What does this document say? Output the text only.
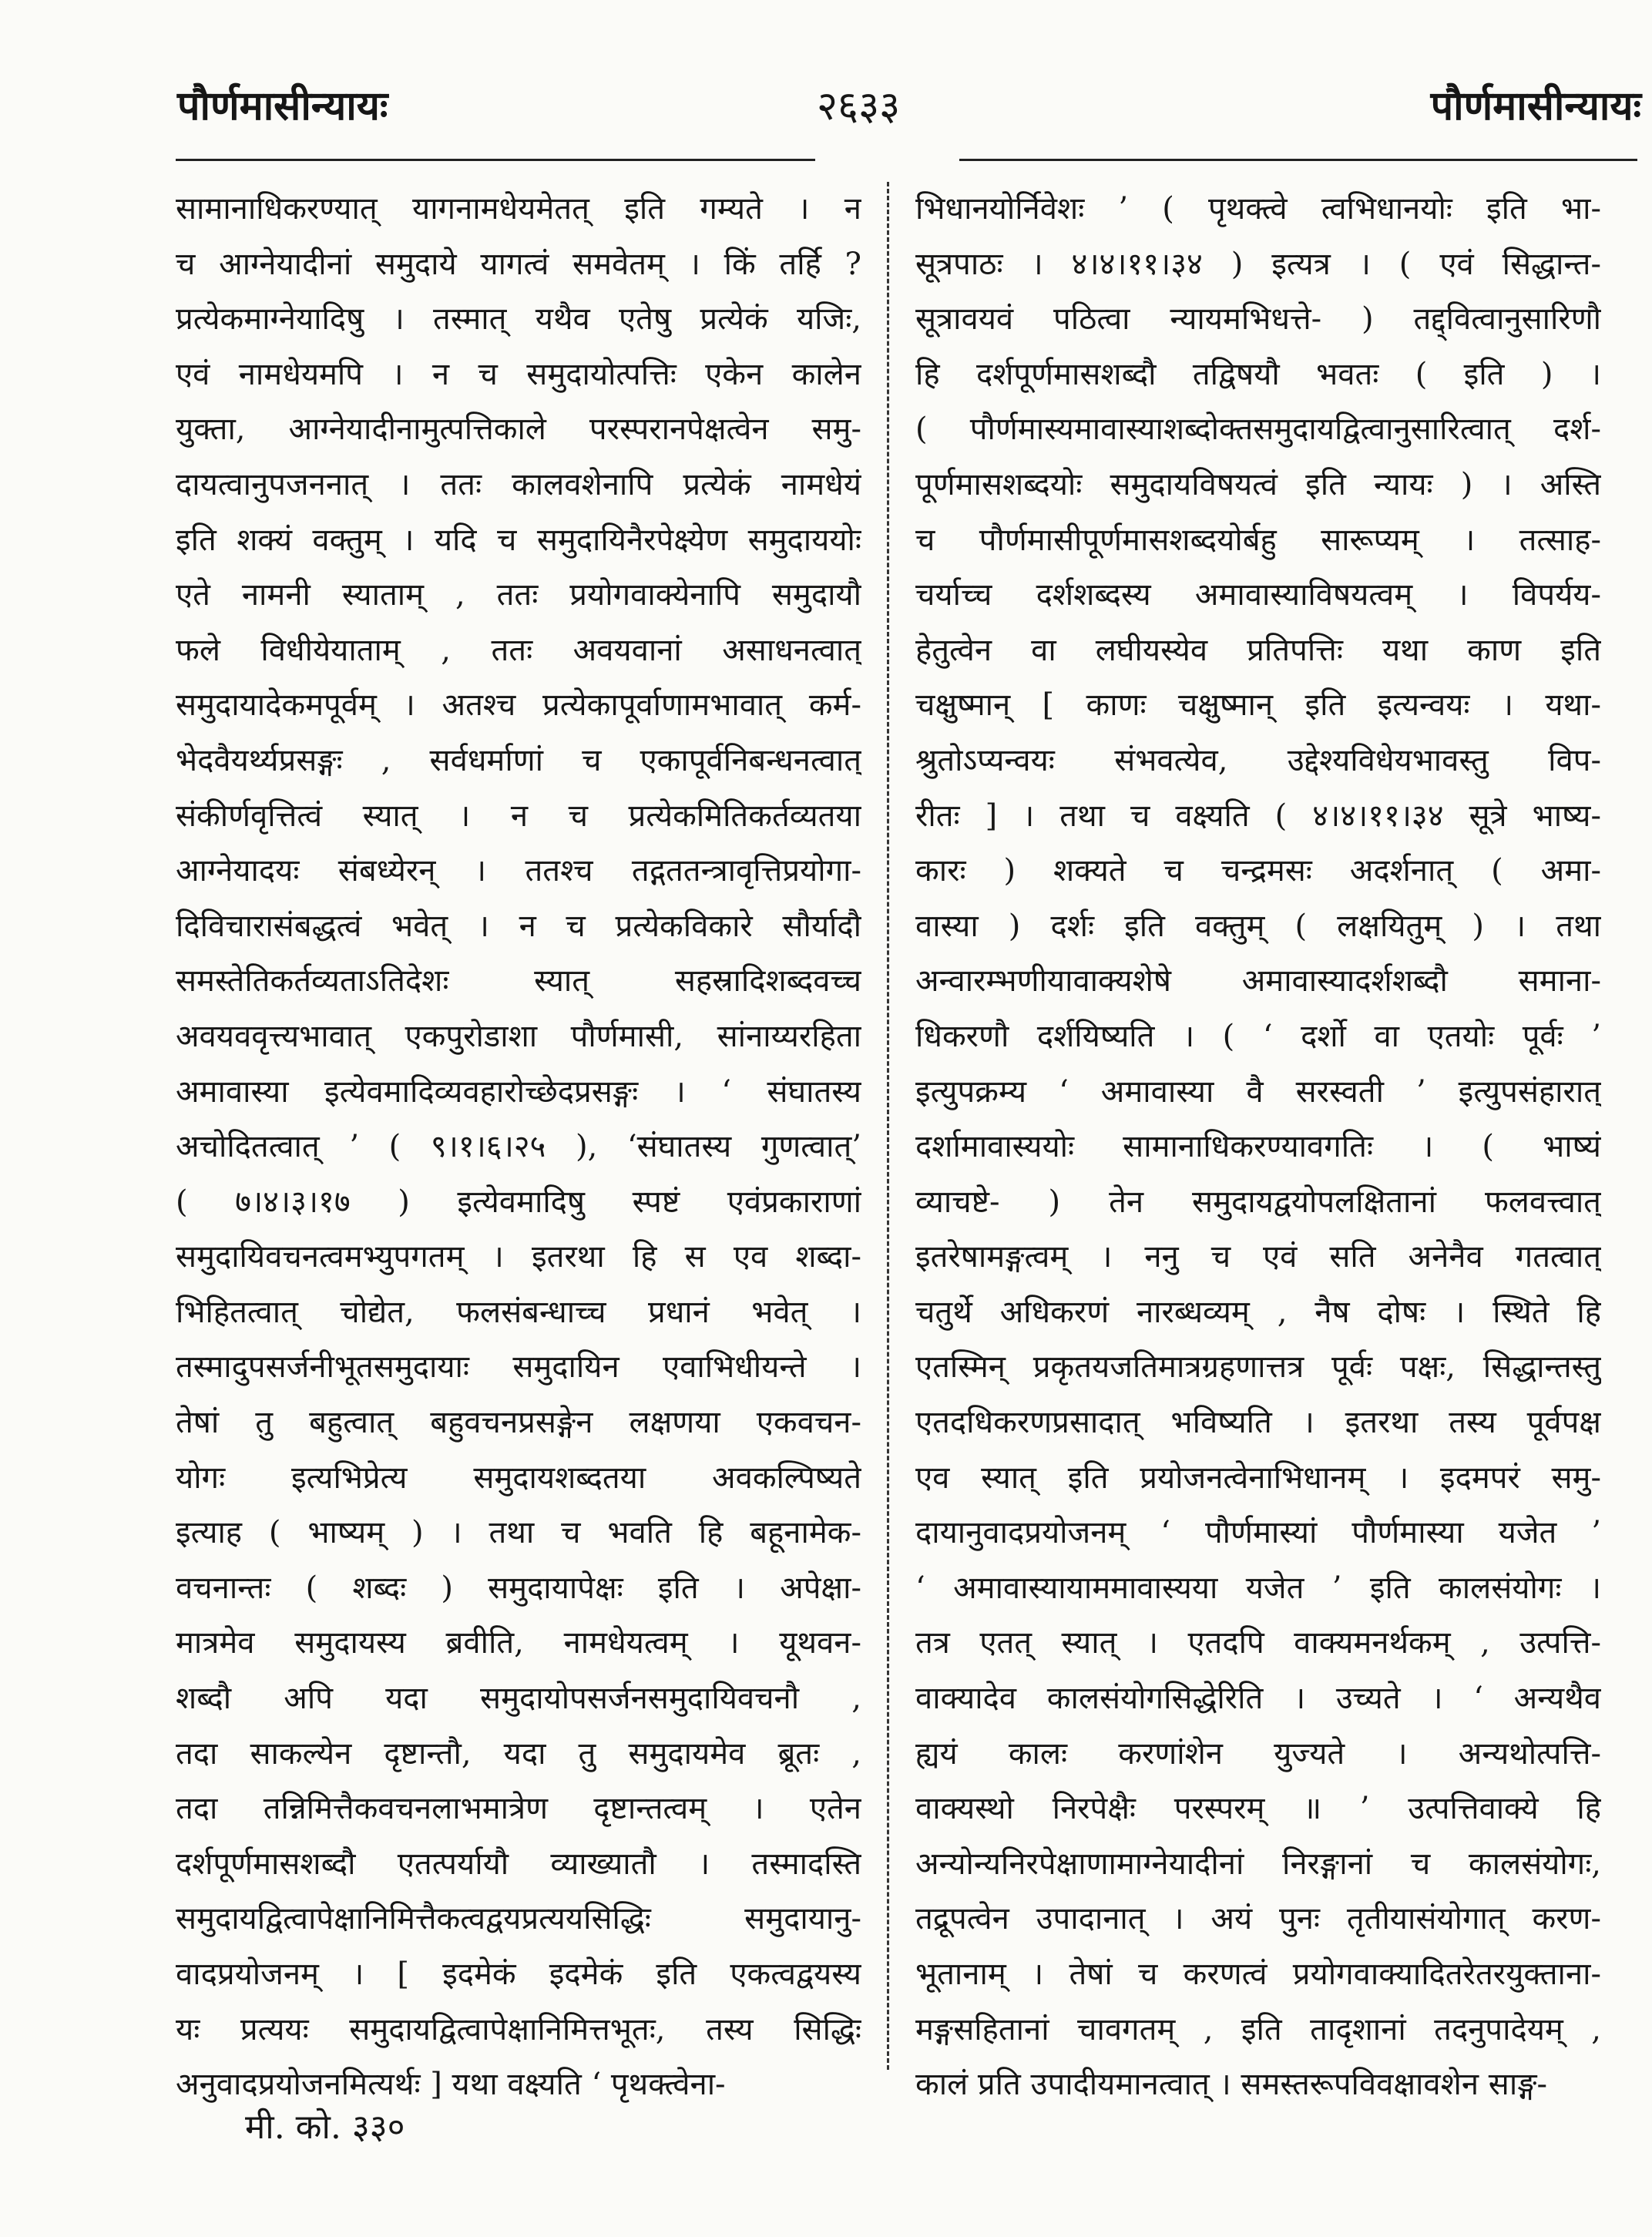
पौर्णमासीन्यायः	२६३३	पौर्णमासीन्यायः
सामानाधिकरण्यात् यागनामधेयमेतत् इति गम्यते । न
च आग्नेयादीनां समुदाये यागत्वं समवेतम् । किं तर्हि ?
प्रत्येकमाग्नेयादिषु । तस्मात् यथैव एतेषु प्रत्येकं यजिः,
एवं नामधेयमपि । न च समुदायोत्पत्तिः एकेन कालेन
युक्ता, आग्नेयादीनामुत्पत्तिकाले परस्परानपेक्षत्वेन समु-
दायत्वानुपजननात् । ततः कालवशेनापि प्रत्येकं नामधेयं
इति शक्यं वक्तुम् । यदि च समुदायिनैरपेक्ष्येण समुदाययोः
एते नामनी स्याताम् , ततः प्रयोगवाक्येनापि समुदायौ
फले विधीयेयाताम् , ततः अवयवानां असाधनत्वात्
समुदायादेकमपूर्वम् । अतश्च प्रत्येकापूर्वाणामभावात् कर्म-
भेदवैयर्थ्यप्रसङ्गः , सर्वधर्माणां च एकापूर्वनिबन्धनत्वात्
संकीर्णवृत्तित्वं स्यात् । न च प्रत्येकमितिकर्तव्यतया
आग्नेयादयः संबध्येरन् । ततश्च तद्गततन्त्रावृत्तिप्रयोगा-
दिविचारासंबद्धत्वं भवेत् । न च प्रत्येकविकारे सौर्यादौ
समस्तेतिकर्तव्यताऽतिदेशः स्यात् सहस्रादिशब्दवच्च
अवयववृत्त्यभावात् एकपुरोडाशा पौर्णमासी, सांनाय्यरहिता
अमावास्या इत्येवमादिव्यवहारोच्छेदप्रसङ्गः । ‘ संघातस्य
अचोदितत्वात् ’ ( ९।१।६।२५ ), ‘संघातस्य गुणत्वात्’
( ७।४।३।१७ ) इत्येवमादिषु स्पष्टं एवंप्रकाराणां
समुदायिवचनत्वमभ्युपगतम् । इतरथा हि स एव शब्दा-
भिहितत्वात् चोद्येत, फलसंबन्धाच्च प्रधानं भवेत् ।
तस्मादुपसर्जनीभूतसमुदायाः समुदायिन एवाभिधीयन्ते ।
तेषां तु बहुत्वात् बहुवचनप्रसङ्गेन लक्षणया एकवचन-
योगः इत्यभिप्रेत्य समुदायशब्दतया अवकल्पिष्यते
इत्याह ( भाष्यम् ) । तथा च भवति हि बहूनामेक-
वचनान्तः ( शब्दः ) समुदायापेक्षः इति । अपेक्षा-
मात्रमेव समुदायस्य ब्रवीति, नामधेयत्वम् । यूथवन-
शब्दौ अपि यदा समुदायोपसर्जनसमुदायिवचनौ ,
तदा साकल्येन दृष्टान्तौ, यदा तु समुदायमेव ब्रूतः ,
तदा तन्निमित्तैकवचनलाभमात्रेण दृष्टान्तत्वम् । एतेन
दर्शपूर्णमासशब्दौ एतत्पर्यायौ व्याख्यातौ । तस्मादस्ति
समुदायद्वित्वापेक्षानिमित्तैकत्वद्वयप्रत्ययसिद्धिः समुदायानु-
वादप्रयोजनम् । [ इदमेकं इदमेकं इति एकत्वद्वयस्य
यः प्रत्ययः समुदायद्वित्वापेक्षानिमित्तभूतः, तस्य सिद्धिः
अनुवादप्रयोजनमित्यर्थः ] यथा वक्ष्यति ‘ पृथक्त्वेना-
भिधानयोर्निवेशः ’ ( पृथक्त्वे त्वभिधानयोः इति भा-
सूत्रपाठः । ४।४।११।३४ ) इत्यत्र । ( एवं सिद्धान्त-
सूत्रावयवं पठित्वा न्यायमभिधत्ते- ) तद्द्वित्वानुसारिणौ
हि दर्शपूर्णमासशब्दौ तद्विषयौ भवतः ( इति ) ।
( पौर्णमास्यमावास्याशब्दोक्तसमुदायद्वित्वानुसारित्वात् दर्श-
पूर्णमासशब्दयोः समुदायविषयत्वं इति न्यायः ) । अस्ति
च पौर्णमासीपूर्णमासशब्दयोर्बहु सारूप्यम् । तत्साह-
चर्याच्च दर्शशब्दस्य अमावास्याविषयत्वम् । विपर्यय-
हेतुत्वेन वा लघीयस्येव प्रतिपत्तिः यथा काण इति
चक्षुष्मान् [ काणः चक्षुष्मान् इति इत्यन्वयः । यथा-
श्रुतोऽप्यन्वयः संभवत्येव, उद्देश्यविधेयभावस्तु विप-
रीतः ] । तथा च वक्ष्यति ( ४।४।११।३४ सूत्रे भाष्य-
कारः ) शक्यते च चन्द्रमसः अदर्शनात् ( अमा-
वास्या ) दर्शः इति वक्तुम् ( लक्षयितुम् ) । तथा
अन्वारम्भणीयावाक्यशेषे अमावास्यादर्शशब्दौ समाना-
धिकरणौ दर्शयिष्यति । ( ‘ दर्शो वा एतयोः पूर्वः ’
इत्युपक्रम्य ‘ अमावास्या वै सरस्वती ’ इत्युपसंहारात्
दर्शामावास्ययोः सामानाधिकरण्यावगतिः । ( भाष्यं
व्याचष्टे- ) तेन समुदायद्वयोपलक्षितानां फलवत्त्वात्
इतरेषामङ्गत्वम् । ननु च एवं सति अनेनैव गतत्वात्
चतुर्थे अधिकरणं नारब्धव्यम् , नैष दोषः । स्थिते हि
एतस्मिन् प्रकृतयजतिमात्रग्रहणात्तत्र पूर्वः पक्षः, सिद्धान्तस्तु
एतदधिकरणप्रसादात् भविष्यति । इतरथा तस्य पूर्वपक्ष
एव स्यात् इति प्रयोजनत्वेनाभिधानम् । इदमपरं समु-
दायानुवादप्रयोजनम् ‘ पौर्णमास्यां पौर्णमास्या यजेत ’
‘ अमावास्यायाममावास्यया यजेत ’ इति कालसंयोगः ।
तत्र एतत् स्यात् । एतदपि वाक्यमनर्थकम् , उत्पत्ति-
वाक्यादेव कालसंयोगसिद्धेरिति । उच्यते । ‘ अन्यथैव
ह्ययं कालः करणांशेन युज्यते । अन्यथोत्पत्ति-
वाक्यस्थो निरपेक्षैः परस्परम् ॥ ’ उत्पत्तिवाक्ये हि
अन्योन्यनिरपेक्षाणामाग्नेयादीनां निरङ्गानां च कालसंयोगः,
तद्रूपत्वेन उपादानात् । अयं पुनः तृतीयासंयोगात् करण-
भूतानाम् । तेषां च करणत्वं प्रयोगवाक्यादितरेतरयुक्ताना-
मङ्गसहितानां चावगतम् , इति तादृशानां तदनुपादेयम् ,
कालं प्रति उपादीयमानत्वात् । समस्तरूपविवक्षावशेन साङ्ग-
मी. को. ३३०
